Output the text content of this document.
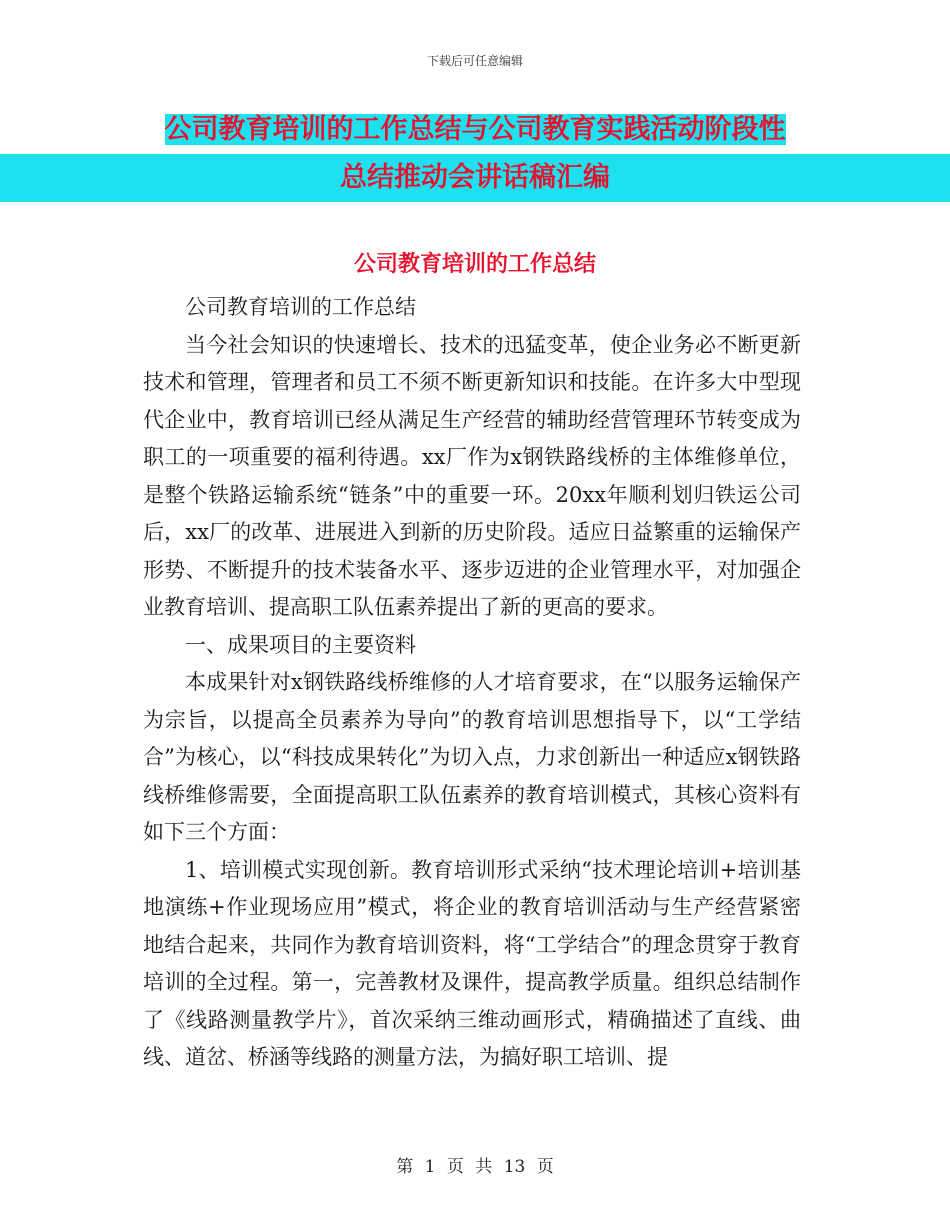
下载后可任意编辑
公司教育培训的工作总结与公司教育实践活动阶段性
总结推动会讲话稿汇编
公司教育培训的工作总结

公司教育培训的工作总结

当今社会知识的快速增长、技术的迅猛变革，使企业务必不断更新技术和管理，管理者和员工不须不断更新知识和技能。在许多大中型现代企业中，教育培训已经从满足生产经营的辅助经营管理环节转变成为职工的一项重要的福利待遇。xx厂作为x钢铁路线桥的主体维修单位，是整个铁路运输系统“链条”中的重要一环。20xx年顺利划归铁运公司后，xx厂的改革、进展进入到新的历史阶段。适应日益繁重的运输保产形势、不断提升的技术装备水平、逐步迈进的企业管理水平，对加强企业教育培训、提高职工队伍素养提出了新的更高的要求。

一、成果项目的主要资料

本成果针对x钢铁路线桥维修的人才培育要求，在“以服务运输保产为宗旨，以提高全员素养为导向”的教育培训思想指导下，以“工学结合”为核心，以“科技成果转化”为切入点，力求创新出一种适应x钢铁路线桥维修需要，全面提高职工队伍素养的教育培训模式，其核心资料有如下三个方面：

1、培训模式实现创新。教育培训形式采纳“技术理论培训+培训基地演练+作业现场应用”模式，将企业的教育培训活动与生产经营紧密地结合起来，共同作为教育培训资料，将“工学结合”的理念贯穿于教育培训的全过程。第一，完善教材及课件，提高教学质量。组织总结制作了《线路测量教学片》，首次采纳三维动画形式，精确描述了直线、曲线、道岔、桥涵等线路的测量方法，为搞好职工培训、提

第 1 页 共 13 页
